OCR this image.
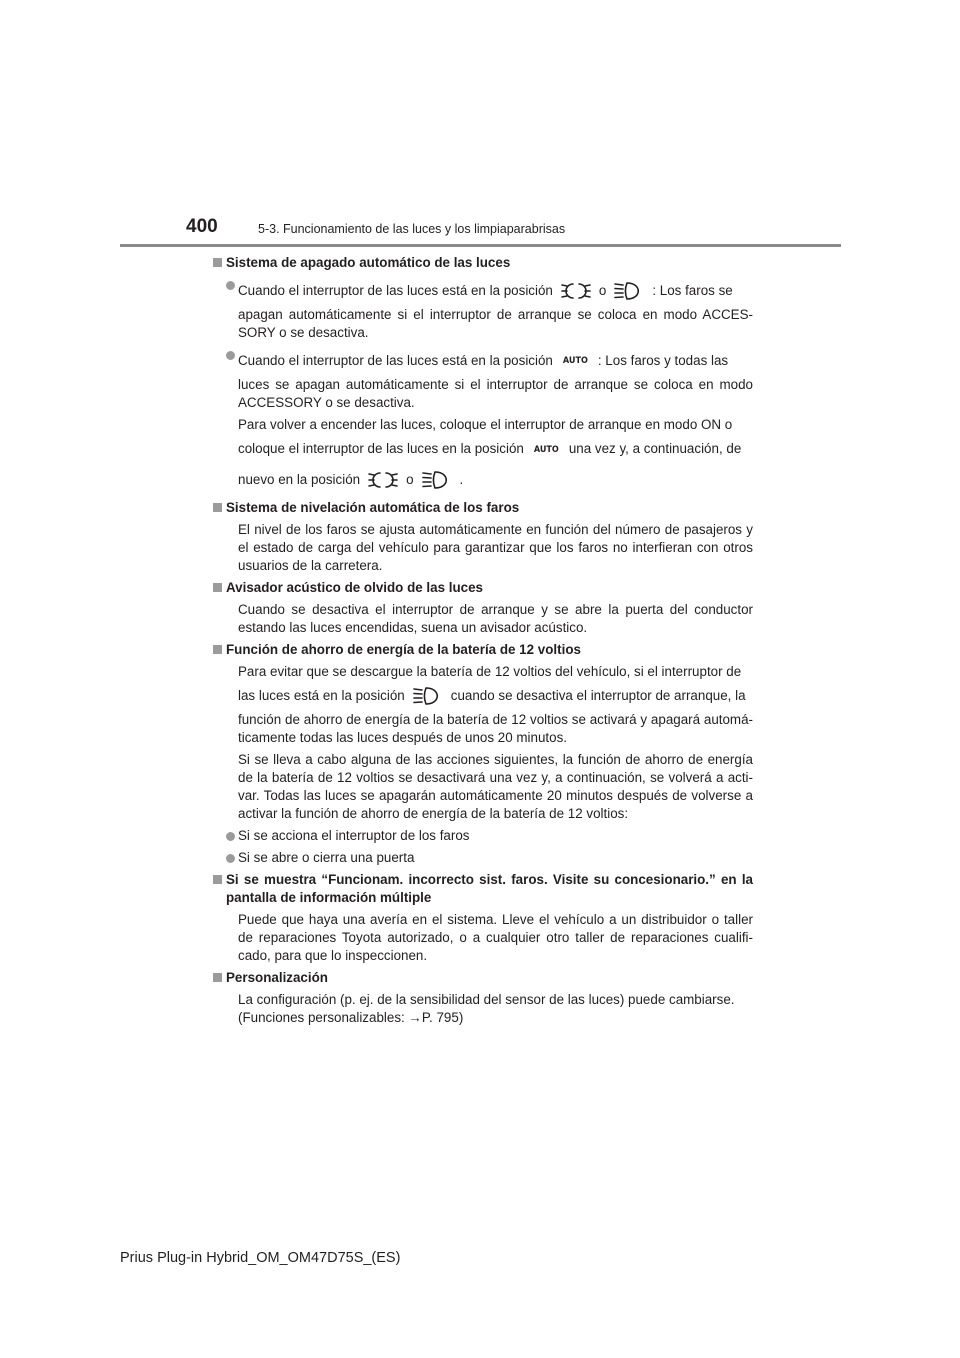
400	5-3. Funcionamiento de las luces y los limpiaparabrisas
Sistema de apagado automático de las luces
Cuando el interruptor de las luces está en la posición	o	: Los faros se
apagan automáticamente si el interruptor de arranque se coloca en modo ACCES-SORY o se desactiva.
Cuando el interruptor de las luces está en la posición AUTO : Los faros y todas las
luces se apagan automáticamente si el interruptor de arranque se coloca en modo ACCESSORY o se desactiva.
Para volver a encender las luces, coloque el interruptor de arranque en modo ON o
coloque el interruptor de las luces en la posición AUTO una vez y, a continuación, de
nuevo en la posición	o	.
Sistema de nivelación automática de los faros
El nivel de los faros se ajusta automáticamente en función del número de pasajeros y el estado de carga del vehículo para garantizar que los faros no interfieran con otros usuarios de la carretera.
Avisador acústico de olvido de las luces
Cuando se desactiva el interruptor de arranque y se abre la puerta del conductor estando las luces encendidas, suena un avisador acústico.
Función de ahorro de energía de la batería de 12 voltios
Para evitar que se descargue la batería de 12 voltios del vehículo, si el interruptor de
las luces está en la posición	cuando se desactiva el interruptor de arranque, la
función de ahorro de energía de la batería de 12 voltios se activará y apagará automá-ticamente todas las luces después de unos 20 minutos.
Si se lleva a cabo alguna de las acciones siguientes, la función de ahorro de energía de la batería de 12 voltios se desactivará una vez y, a continuación, se volverá a acti-var. Todas las luces se apagarán automáticamente 20 minutos después de volverse a activar la función de ahorro de energía de la batería de 12 voltios:
Si se acciona el interruptor de los faros
Si se abre o cierra una puerta
Si se muestra “Funcionam. incorrecto sist. faros. Visite su concesionario.” en la pantalla de información múltiple
Puede que haya una avería en el sistema. Lleve el vehículo a un distribuidor o taller de reparaciones Toyota autorizado, o a cualquier otro taller de reparaciones cualifi-cado, para que lo inspeccionen.
Personalización
La configuración (p. ej. de la sensibilidad del sensor de las luces) puede cambiarse.
(Funciones personalizables: →P. 795)
Prius Plug-in Hybrid_OM_OM47D75S_(ES)
